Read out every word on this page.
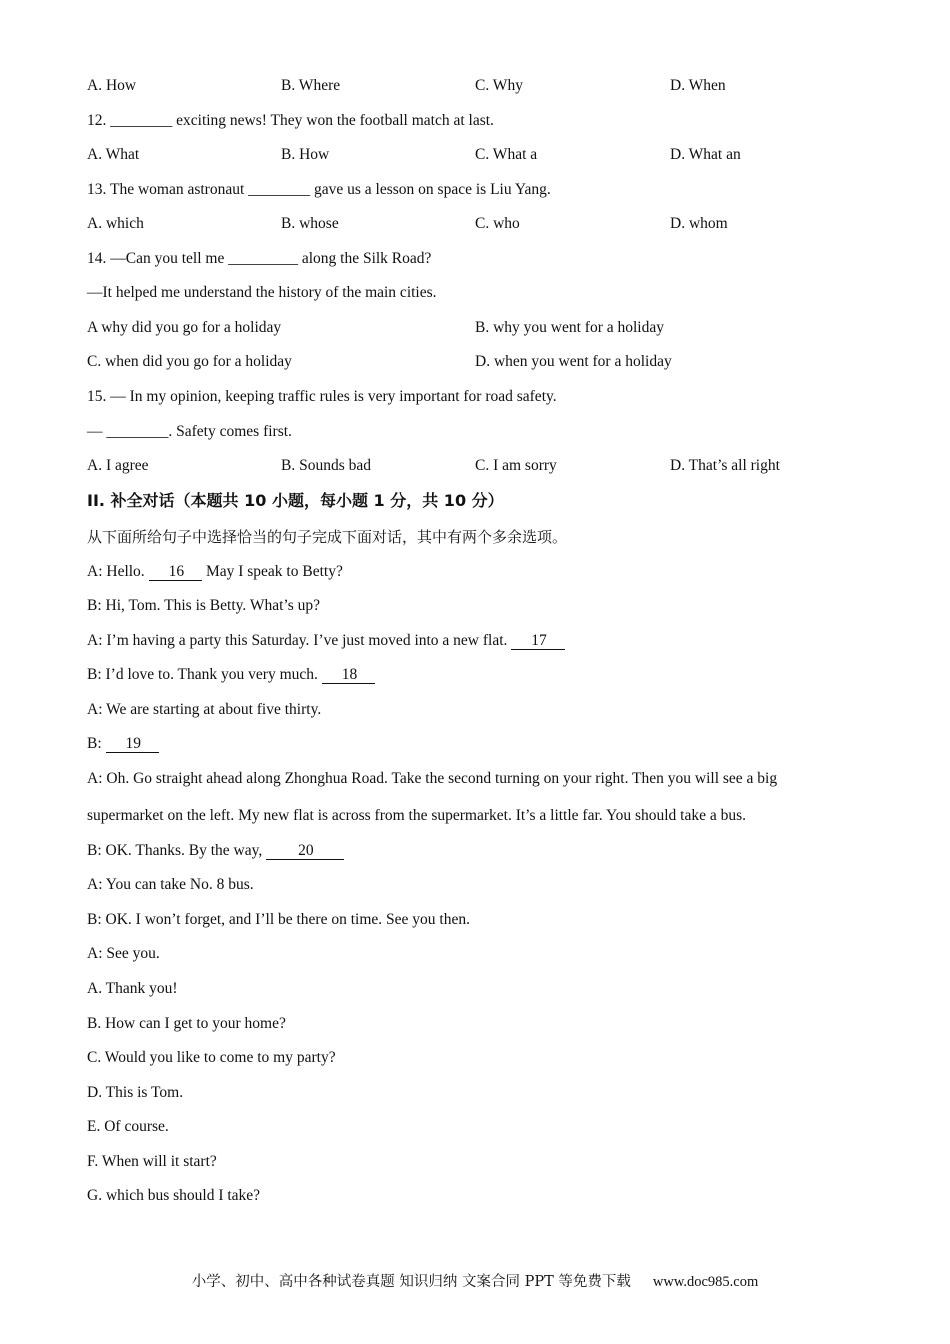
A. How	B. Where	C. Why	D. When
12. ________ exciting news! They won the football match at last.
A. What	B. How	C. What a	D. What an
13. The woman astronaut ________ gave us a lesson on space is Liu Yang.
A. which	B. whose	C. who	D. whom
14. —Can you tell me _________ along the Silk Road?
—It helped me understand the history of the main cities.
A why did you go for a holiday	B. why you went for a holiday
C. when did you go for a holiday	D. when you went for a holiday
15. — In my opinion, keeping traffic rules is very important for road safety.
— ________. Safety comes first.
A. I agree	B. Sounds bad	C. I am sorry	D. That’s all right
II. 补全对话（本题共 10 小题，每小题 1 分，共 10 分）
从下面所给句子中选择恰当的句子完成下面对话，其中有两个多余选项。
A: Hello. 16 May I speak to Betty?
B: Hi, Tom. This is Betty. What’s up?
A: I’m having a party this Saturday. I’ve just moved into a new flat. 17
B: I’d love to. Thank you very much. 18
A: We are starting at about five thirty.
B: 19
A: Oh. Go straight ahead along Zhonghua Road. Take the second turning on your right. Then you will see a big
supermarket on the left. My new flat is across from the supermarket. It’s a little far. You should take a bus.
B: OK. Thanks. By the way, 20
A: You can take No. 8 bus.
B: OK. I won’t forget, and I’ll be there on time. See you then.
A: See you.
A. Thank you!
B. How can I get to your home?
C. Would you like to come to my party?
D. This is Tom.
E. Of course.
F. When will it start?
G. which bus should I take?
小学、初中、高中各种试卷真题 知识归纳 文案合同 PPT 等免费下载 www.doc985.com
